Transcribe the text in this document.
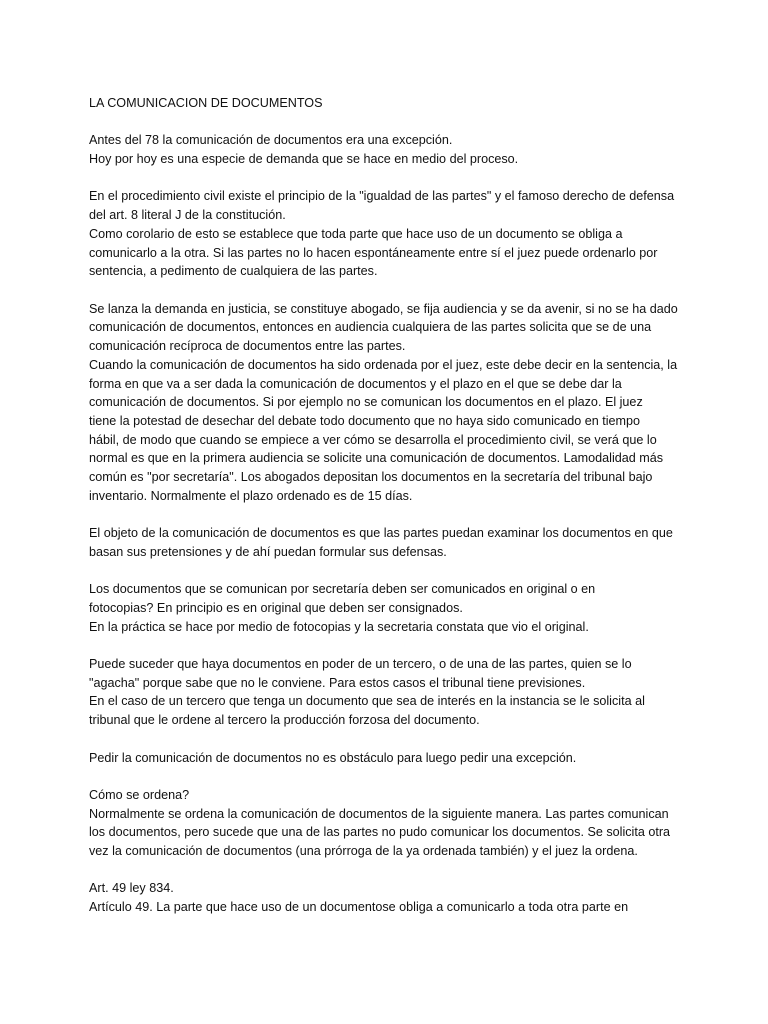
LA COMUNICACION DE DOCUMENTOS

Antes del 78 la comunicación de documentos era una excepción.
Hoy por hoy es una especie de demanda que se hace en medio del proceso.

En el procedimiento civil existe el principio de la "igualdad de las partes" y el famoso derecho de defensa
del art. 8 literal J de la constitución.
Como corolario de esto se establece que toda parte que hace uso de un documento se obliga a
comunicarlo a la otra. Si las partes no lo hacen espontáneamente entre sí el juez puede ordenarlo por
sentencia, a pedimento de cualquiera de las partes.

Se lanza la demanda en justicia, se constituye abogado, se fija audiencia y se da avenir, si no se ha dado
comunicación de documentos, entonces en audiencia cualquiera de las partes solicita que se de una
comunicación recíproca de documentos entre las partes.
Cuando la comunicación de documentos ha sido ordenada por el juez, este debe decir en la sentencia, la
forma en que va a ser dada la comunicación de documentos y el plazo en el que se debe dar la
comunicación de documentos. Si por ejemplo no se comunican los documentos en el plazo. El juez
tiene la potestad de desechar del debate todo documento que no haya sido comunicado en tiempo
hábil, de modo que cuando se empiece a ver cómo se desarrolla el procedimiento civil, se verá que lo
normal es que en la primera audiencia se solicite una comunicación de documentos. Lamodalidad más
común es "por secretaría". Los abogados depositan los documentos en la secretaría del tribunal bajo
inventario. Normalmente el plazo ordenado es de 15 días.

El objeto de la comunicación de documentos es que las partes puedan examinar los documentos en que
basan sus pretensiones y de ahí puedan formular sus defensas.

Los documentos que se comunican por secretaría deben ser comunicados en original o en
fotocopias? En principio es en original que deben ser consignados.
En la práctica se hace por medio de fotocopias y la secretaria constata que vio el original.

Puede suceder que haya documentos en poder de un tercero, o de una de las partes, quien se lo
"agacha" porque sabe que no le conviene. Para estos casos el tribunal tiene previsiones.
En el caso de un tercero que tenga un documento que sea de interés en la instancia se le solicita al
tribunal que le ordene al tercero la producción forzosa del documento.

Pedir la comunicación de documentos no es obstáculo para luego pedir una excepción.

Cómo se ordena?
Normalmente se ordena la comunicación de documentos de la siguiente manera. Las partes comunican
los documentos, pero sucede que una de las partes no pudo comunicar los documentos. Se solicita otra
vez la comunicación de documentos (una prórroga de la ya ordenada también) y el juez la ordena.

Art. 49 ley 834.
Artículo 49. La parte que hace uso de un documentose obliga a comunicarlo a toda otra parte en
